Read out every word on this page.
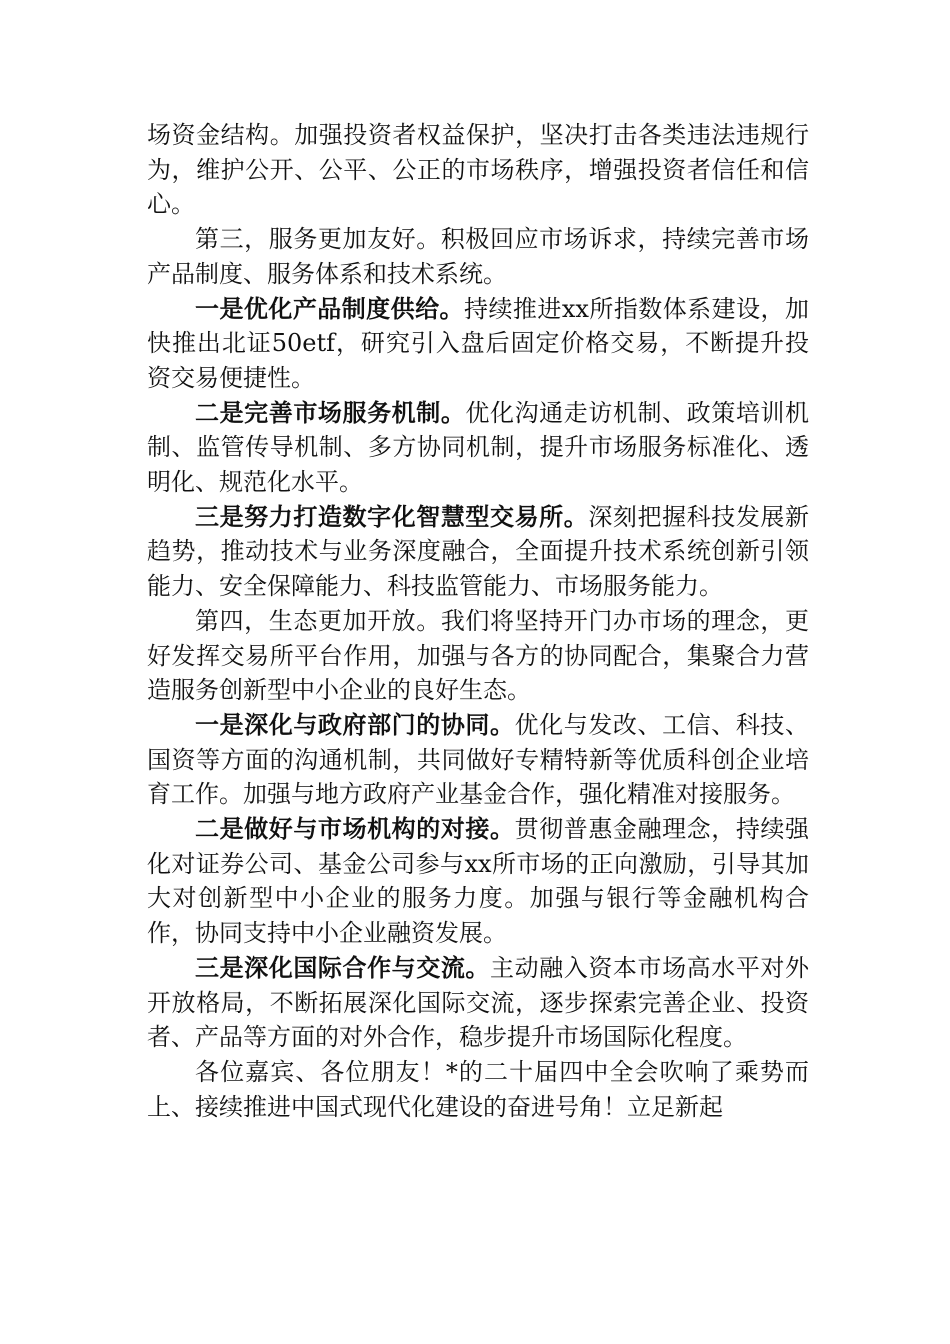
场资金结构。加强投资者权益保护，坚决打击各类违法违规行为，维护公开、公平、公正的市场秩序，增强投资者信任和信心。

第三，服务更加友好。积极回应市场诉求，持续完善市场产品制度、服务体系和技术系统。

一是优化产品制度供给。持续推进xx所指数体系建设，加快推出北证50etf，研究引入盘后固定价格交易，不断提升投资交易便捷性。

二是完善市场服务机制。优化沟通走访机制、政策培训机制、监管传导机制、多方协同机制，提升市场服务标准化、透明化、规范化水平。

三是努力打造数字化智慧型交易所。深刻把握科技发展新趋势，推动技术与业务深度融合，全面提升技术系统创新引领能力、安全保障能力、科技监管能力、市场服务能力。

第四，生态更加开放。我们将坚持开门办市场的理念，更好发挥交易所平台作用，加强与各方的协同配合，集聚合力营造服务创新型中小企业的良好生态。

一是深化与政府部门的协同。优化与发改、工信、科技、国资等方面的沟通机制，共同做好专精特新等优质科创企业培育工作。加强与地方政府产业基金合作，强化精准对接服务。

二是做好与市场机构的对接。贯彻普惠金融理念，持续强化对证券公司、基金公司参与xx所市场的正向激励，引导其加大对创新型中小企业的服务力度。加强与银行等金融机构合作，协同支持中小企业融资发展。

三是深化国际合作与交流。主动融入资本市场高水平对外开放格局，不断拓展深化国际交流，逐步探索完善企业、投资者、产品等方面的对外合作，稳步提升市场国际化程度。

各位嘉宾、各位朋友！*的二十届四中全会吹响了乘势而上、接续推进中国式现代化建设的奋进号角！立足新起
